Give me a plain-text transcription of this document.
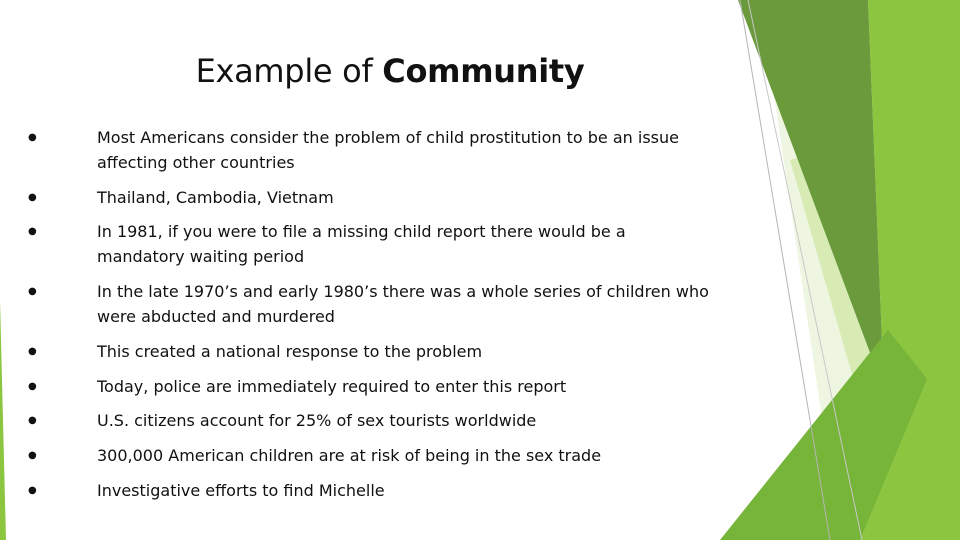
Example of Community
●	Most Americans consider the problem of child prostitution to be an issue affecting other countries
●	Thailand, Cambodia, Vietnam
●	In 1981, if you were to file a missing child report there would be a mandatory waiting period
●	In the late 1970’s and early 1980’s there was a whole series of children who were abducted and murdered
●	This created a national response to the problem
●	Today, police are immediately required to enter this report
●	U.S. citizens account for 25% of sex tourists worldwide
●	300,000 American children are at risk of being in the sex trade
●	Investigative efforts to find Michelle
